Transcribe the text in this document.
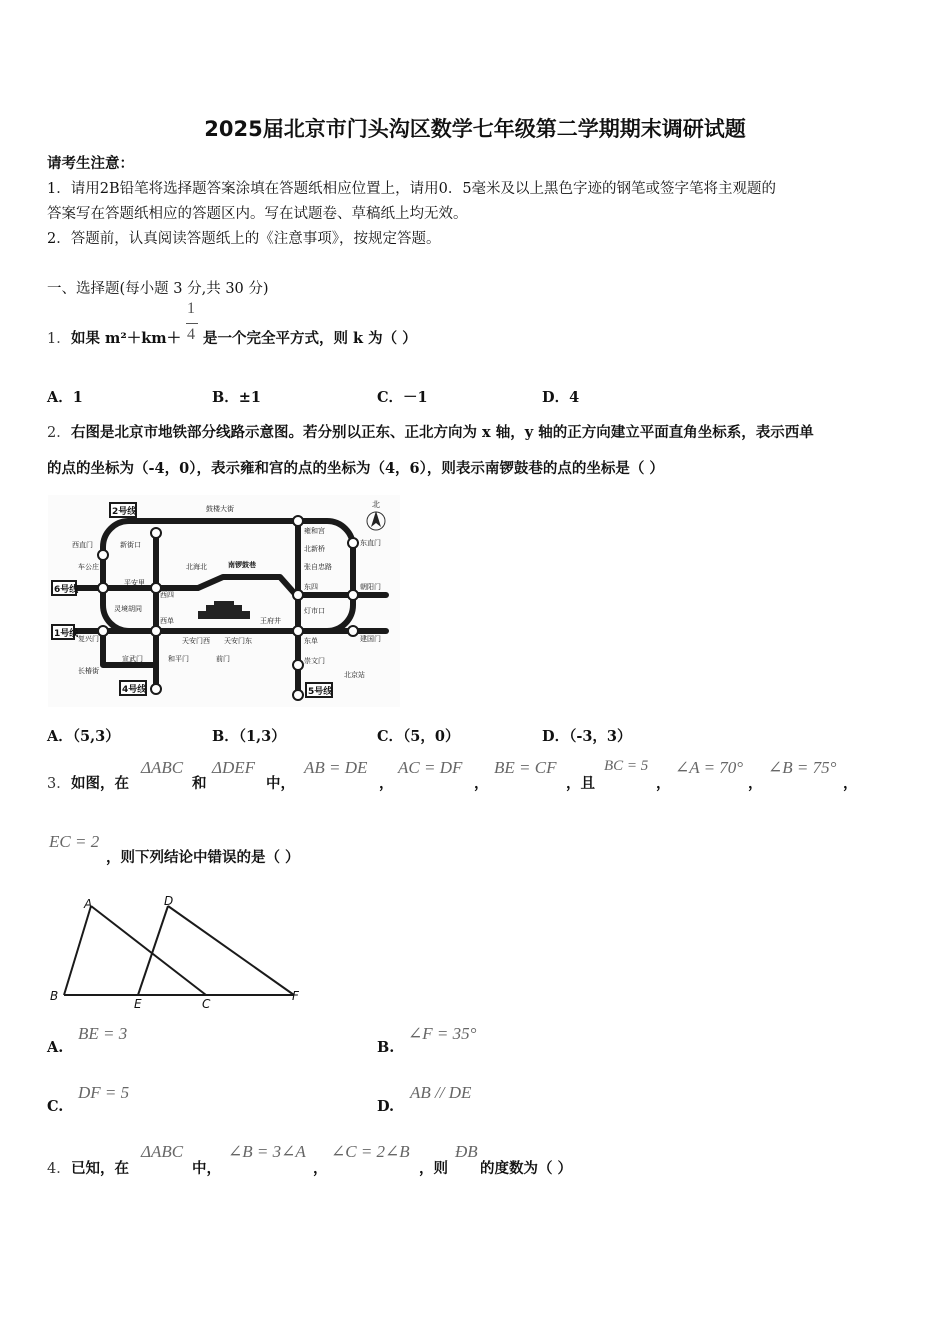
2025届北京市门头沟区数学七年级第二学期期末调研试题
请考生注意：
1．请用2B铅笔将选择题答案涂填在答题纸相应位置上，请用0．5毫米及以上黑色字迹的钢笔或签字笔将主观题的
答案写在答题纸相应的答题区内。写在试题卷、草稿纸上均无效。
2．答题前，认真阅读答题纸上的《注意事项》，按规定答题。
一、选择题(每小题 3 分,共 30 分)
1． 如果 m²＋km＋
1
4 是一个完全平方式，则 k 为（ ）
A．1	B．±1	C．－1	D．4
2． 右图是北京市地铁部分线路示意图。若分别以正东、正北方向为 x 轴，y 轴的正方向建立平面直角坐标系，表示西单
的点的坐标为（-4，0），表示雍和宫的点的坐标为（4，6），则表示南锣鼓巷的点的坐标是（ ）
2号线
6号线
1号线
4号线	5号线
北
鼓楼大街
雍和宫
西直门	新街口	北新桥
东直门
车公庄
平安里
北海北	南锣鼓巷	张自忠路
东四	朝阳门
西四
灵境胡同	灯市口
西单
天安门西 天安门东
王府井
东单	建国门
复兴门
宣武门	和平门	前门	崇文门
长椿街	北京站
A．（5,3）	B．（1,3）	C．（5，0）	D．（-3，3）
3． 如图，在
ΔABC
和
ΔDEF
中，
AB = DE
，
AC = DF
，
BE = CF
，且
BC = 5
，
∠A = 70°
，
∠B = 75°
，
EC = 2
，则下列结论中错误的是（ ）
A	D
B
E	C
F
A.
BE = 3
B.
∠F = 35°
C.
DF = 5
D.
AB // DE
4． 已知，在
ΔABC
中，
∠B = 3∠A
，
∠C = 2∠B
，则
ÐB
的度数为（ ）
